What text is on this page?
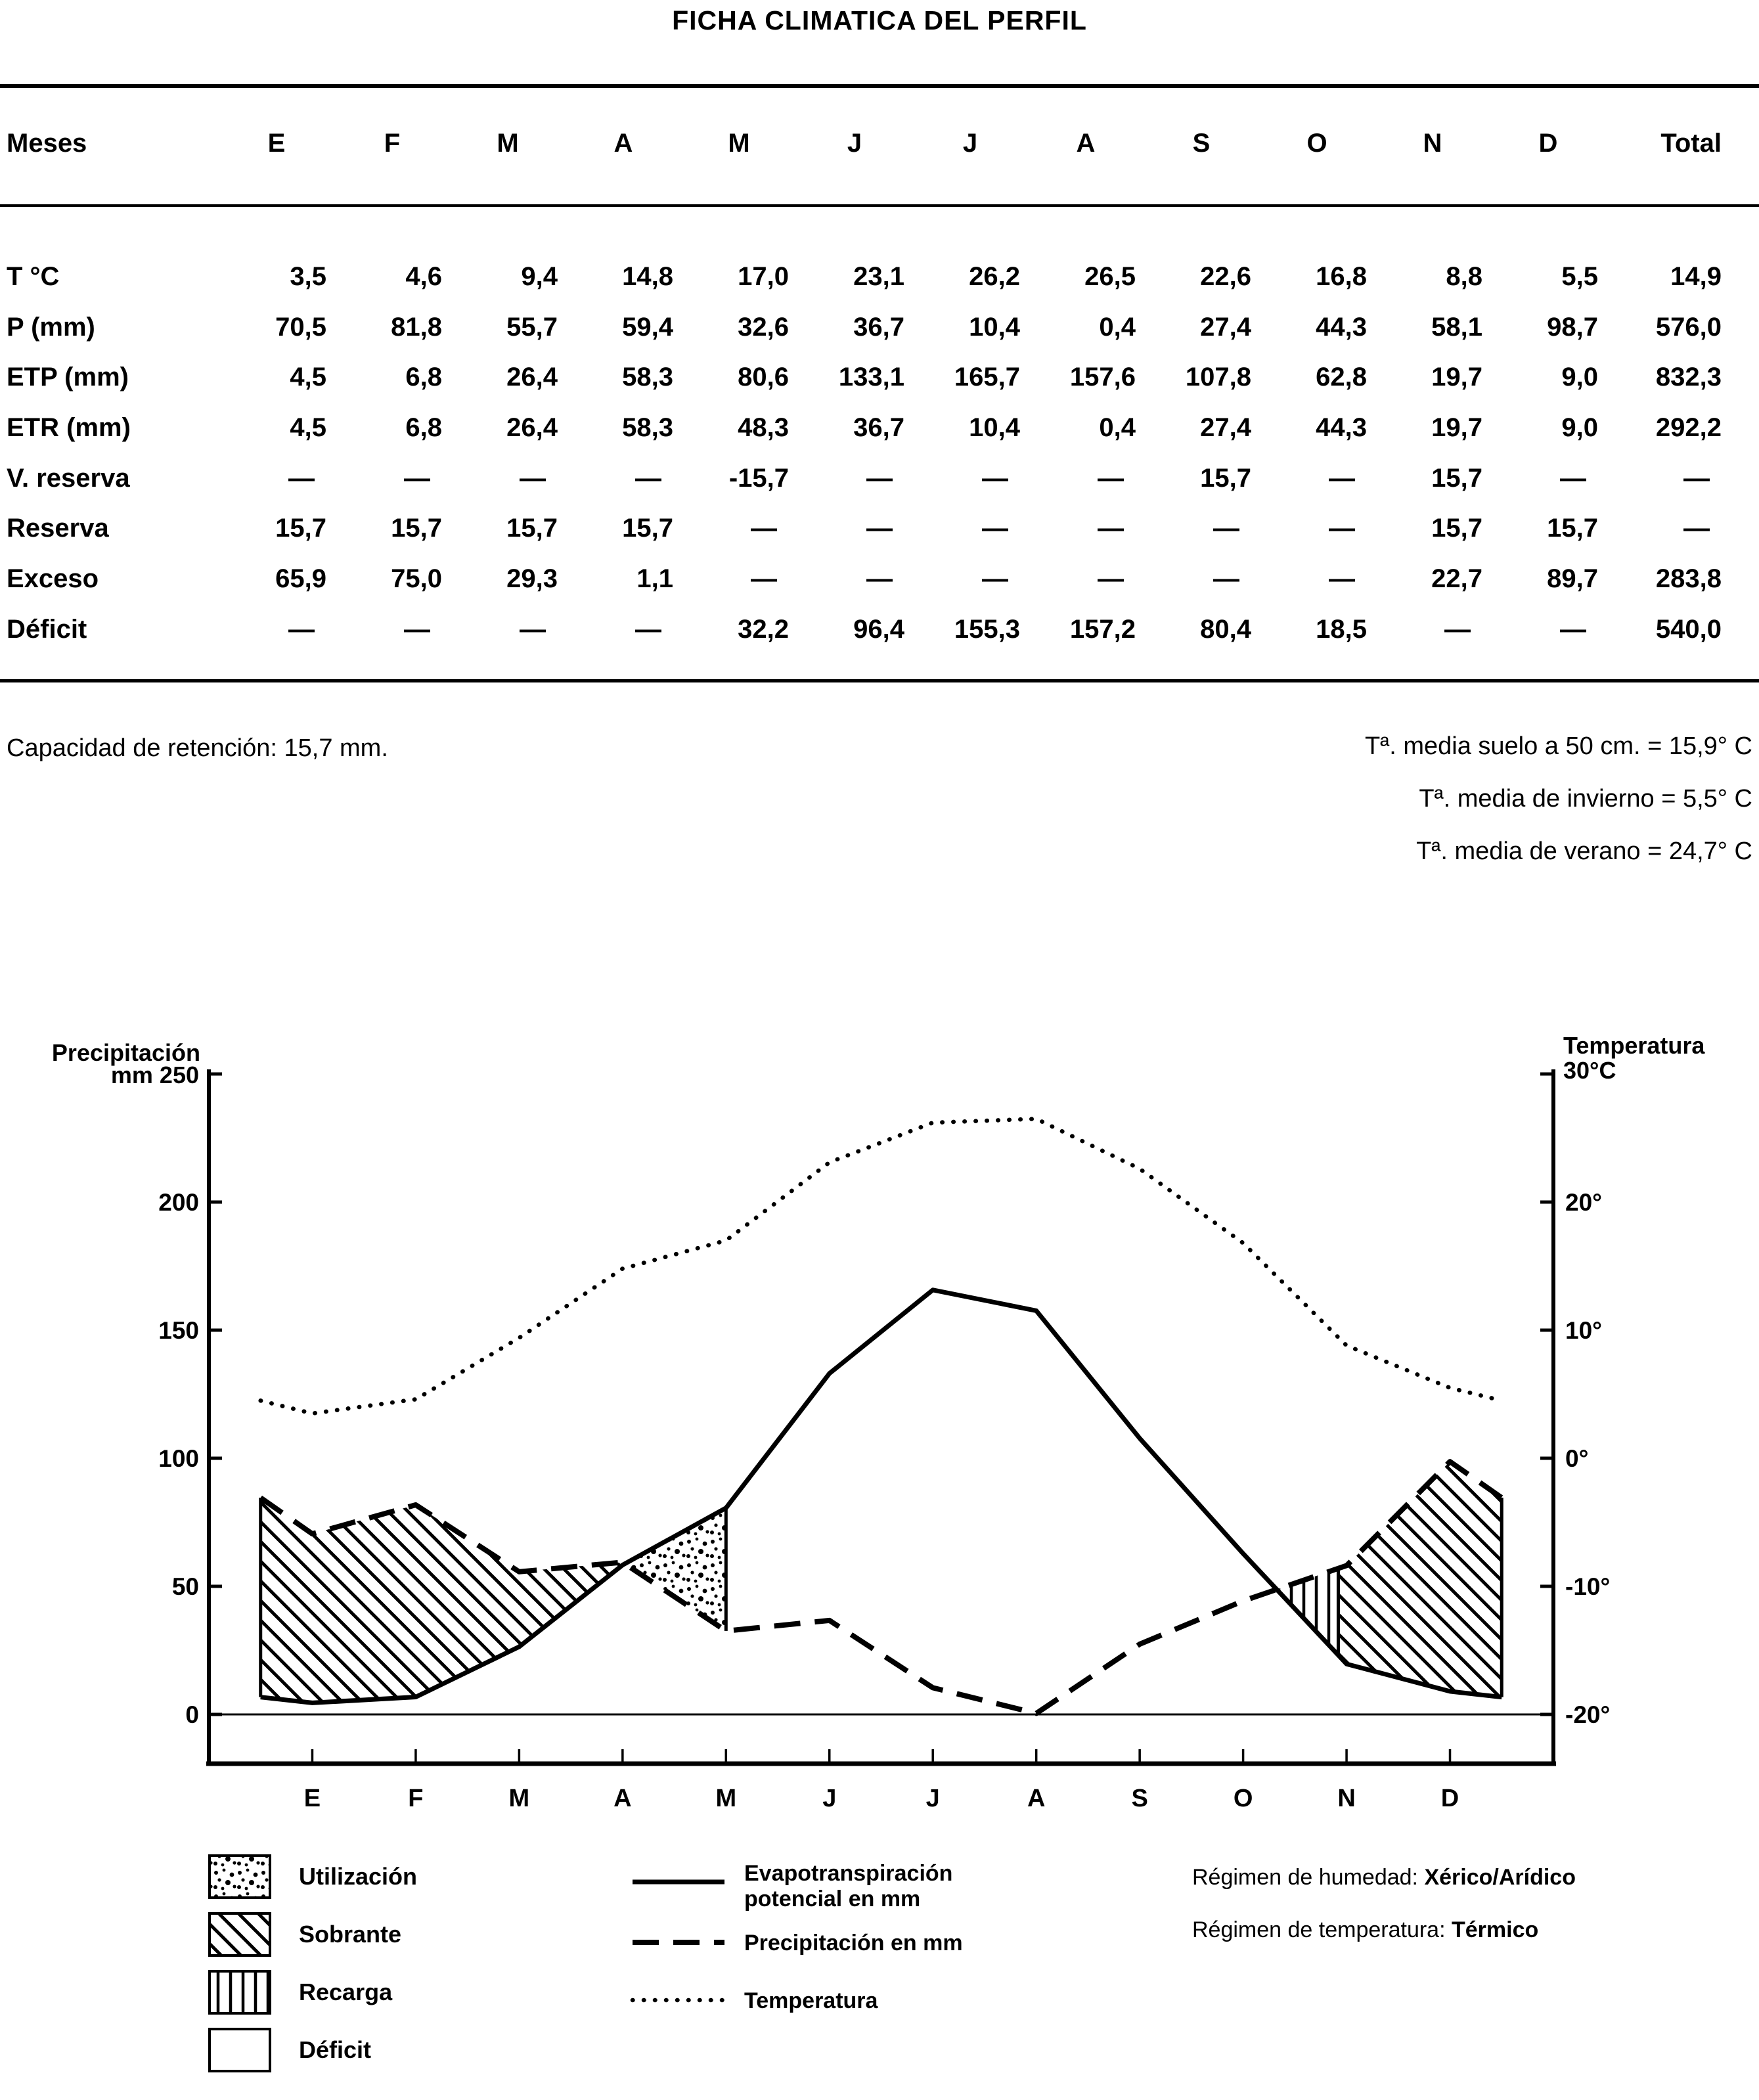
FICHA CLIMATICA DEL PERFIL
Meses	E	F	M	A	M	J	J	A	S	O	N	D	Total
T °C	3,5	4,6	9,4	14,8	17,0	23,1	26,2	26,5	22,6	16,8	8,8	5,5	14,9
P (mm)	70,5	81,8	55,7	59,4	32,6	36,7	10,4	0,4	27,4	44,3	58,1	98,7	576,0
ETP (mm)	4,5	6,8	26,4	58,3	80,6	133,1	165,7	157,6	107,8	62,8	19,7	9,0	832,3
ETR (mm)	4,5	6,8	26,4	58,3	48,3	36,7	10,4	0,4	27,4	44,3	19,7	9,0	292,2
V. reserva	—	—	—	—	-15,7	—	—	—	15,7	—	15,7	—	—
Reserva	15,7	15,7	15,7	15,7	—	—	—	—	—	—	15,7	15,7	—
Exceso	65,9	75,0	29,3	1,1	—	—	—	—	—	—	22,7	89,7	283,8
Déficit	—	—	—	—	32,2	96,4	155,3	157,2	80,4	18,5	—	—	540,0
Capacidad de retención: 15,7 mm.	Tª. media suelo a 50 cm. = 15,9° C
Tª. media de invierno = 5,5° C
Tª. media de verano = 24,7° C
200
150
100
50
0
Precipitación
mm 250
20°
10°
0°
-10°
-20°
Temperatura
30°C
E	F	M	A	M	J	J	A	S	O	N	D
Utilización
Sobrante
Recarga
Déficit
Evapotranspiración
potencial en mm
Precipitación en mm
Temperatura
Régimen de humedad: Xérico/Arídico
Régimen de temperatura: Térmico
